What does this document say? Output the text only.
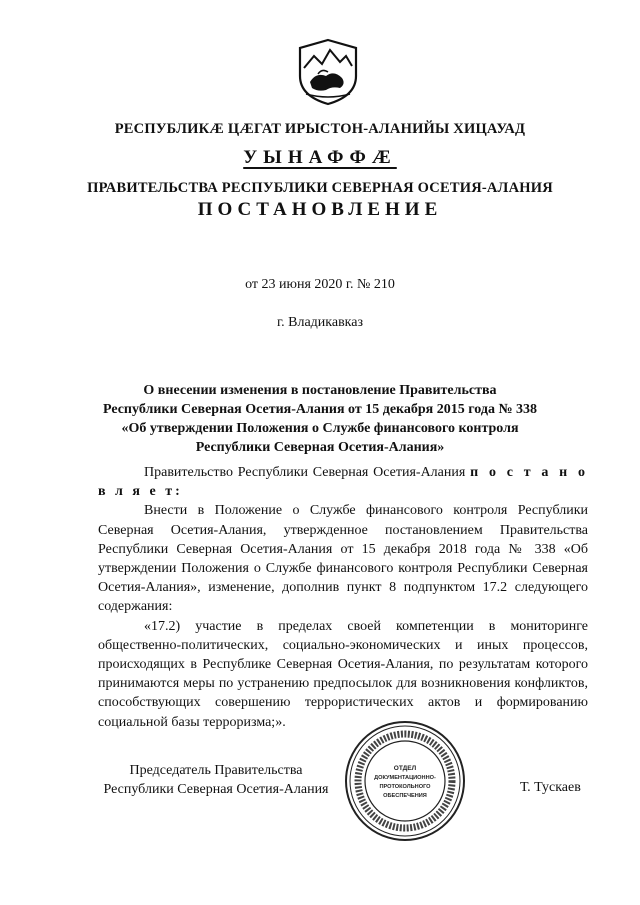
РЕСПУБЛИКÆ ЦÆГАТ ИРЫСТОН-АЛАНИЙЫ ХИЦАУАД
УЫНАФФÆ
ПРАВИТЕЛЬСТВА РЕСПУБЛИКИ СЕВЕРНАЯ ОСЕТИЯ-АЛАНИЯ
ПОСТАНОВЛЕНИЕ
от 23 июня 2020 г. № 210
г. Владикавказ
О внесении изменения в постановление Правительства
Республики Северная Осетия-Алания от 15 декабря 2015 года № 338
«Об утверждении Положения о Службе финансового контроля
Республики Северная Осетия-Алания»

Правительство Республики Северная Осетия-Алания п о с т а н о в л я е т:

Внести в Положение о Службе финансового контроля Республики Северная Осетия-Алания, утвержденное постановлением Правительства Республики Северная Осетия-Алания от 15 декабря 2018 года № 338 «Об утверждении Положения о Службе финансового контроля Республики Северная Осетия-Алания», изменение, дополнив пункт 8 подпунктом 17.2 следующего содержания:

«17.2) участие в пределах своей компетенции в мониторинге общественно-политических, социально-экономических и иных процессов, происходящих в Республике Северная Осетия-Алания, по результатам которого принимаются меры по устранению предпосылок для возникновения конфликтов, способствующих совершению террористических актов и формированию социальной базы терроризма;».

Председатель Правительства
Республики Северная Осетия-Алания
ОТДЕЛ
ДОКУМЕНТАЦИОННО-
ПРОТОКОЛЬНОГО
ОБЕСПЕЧЕНИЯ
Т. Тускаев
